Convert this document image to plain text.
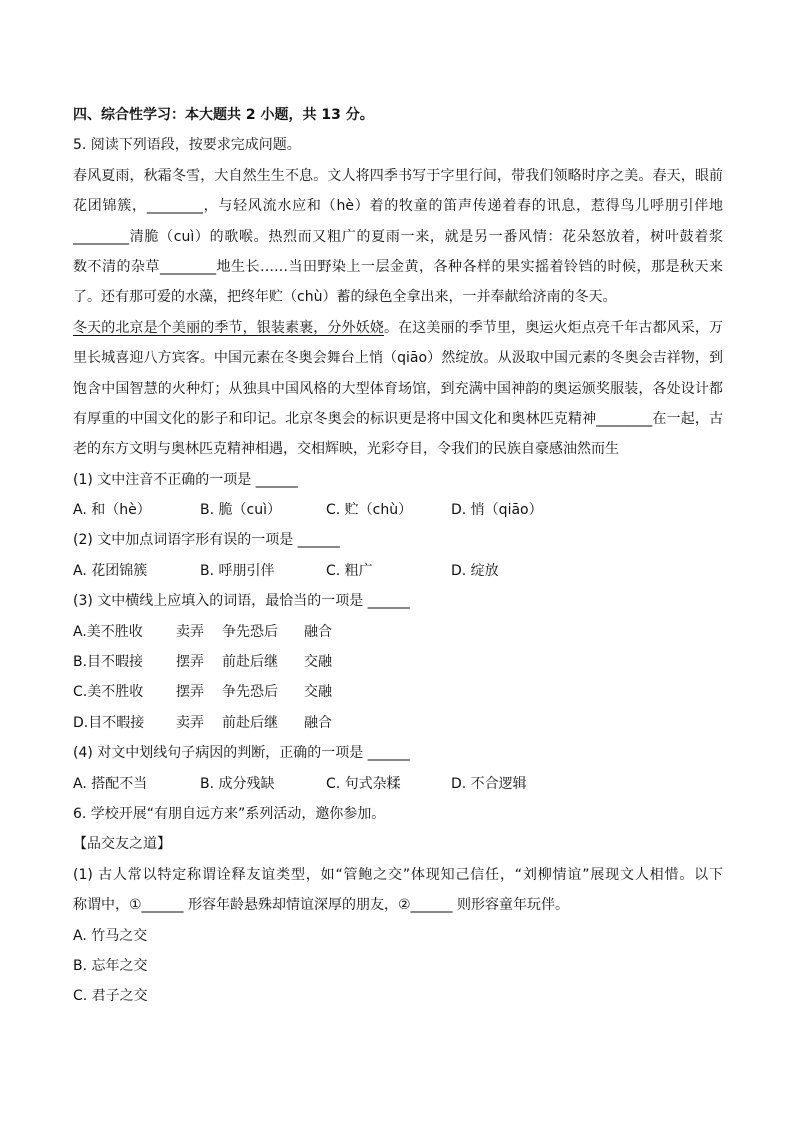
四、综合性学习：本大题共 2 小题，共 13 分。
5. 阅读下列语段，按要求完成问题。
春风夏雨，秋霜冬雪，大自然生生不息。文人将四季书写于字里行间，带我们领略时序之美。春天，眼前
花团锦簇，________，与轻风流水应和（hè）着的牧童的笛声传递着春的讯息，惹得鸟儿呼朋引伴地
________清脆（cuì）的歌喉。热烈而又粗广的夏雨一来，就是另一番风情：花朵怒放着，树叶鼓着浆
数不清的杂草________地生长……当田野染上一层金黄，各种各样的果实摇着铃铛的时候，那是秋天来
了。还有那可爱的水藻，把终年贮（chù）蓄的绿色全拿出来，一并奉献给济南的冬天。
冬天的北京是个美丽的季节，银装素裹，分外妖娆。在这美丽的季节里，奥运火炬点亮千年古都风采，万
里长城喜迎八方宾客。中国元素在冬奥会舞台上悄（qiāo）然绽放。从汲取中国元素的冬奥会吉祥物，到
饱含中国智慧的火种灯；从独具中国风格的大型体育场馆，到充满中国神韵的奥运颁奖服装，各处设计都
有厚重的中国文化的影子和印记。北京冬奥会的标识更是将中国文化和奥林匹克精神________在一起，古
老的东方文明与奥林匹克精神相遇，交相辉映，光彩夺目，令我们的民族自豪感油然而生
(1) 文中注音不正确的一项是 ______
A. 和（hè）	B. 脆（cuì）	C. 贮（chù）	D. 悄（qiāo）
(2) 文中加点词语字形有误的一项是 ______
A. 花团锦簇	B. 呼朋引伴	C. 粗广	D. 绽放
(3) 文中横线上应填入的词语，最恰当的一项是 ______
A.美不胜收	卖弄	争先恐后	融合
B.目不暇接	摆弄	前赴后继	交融
C.美不胜收	摆弄	争先恐后	交融
D.目不暇接	卖弄	前赴后继	融合
(4) 对文中划线句子病因的判断，正确的一项是 ______
A. 搭配不当	B. 成分残缺	C. 句式杂糅	D. 不合逻辑
6. 学校开展“有朋自远方来”系列活动，邀你参加。
【品交友之道】
(1) 古人常以特定称谓诠释友谊类型，如“管鲍之交”体现知己信任，“刘柳情谊”展现文人相惜。以下
称谓中，①______ 形容年龄悬殊却情谊深厚的朋友，②______ 则形容童年玩伴。
A. 竹马之交
B. 忘年之交
C. 君子之交
